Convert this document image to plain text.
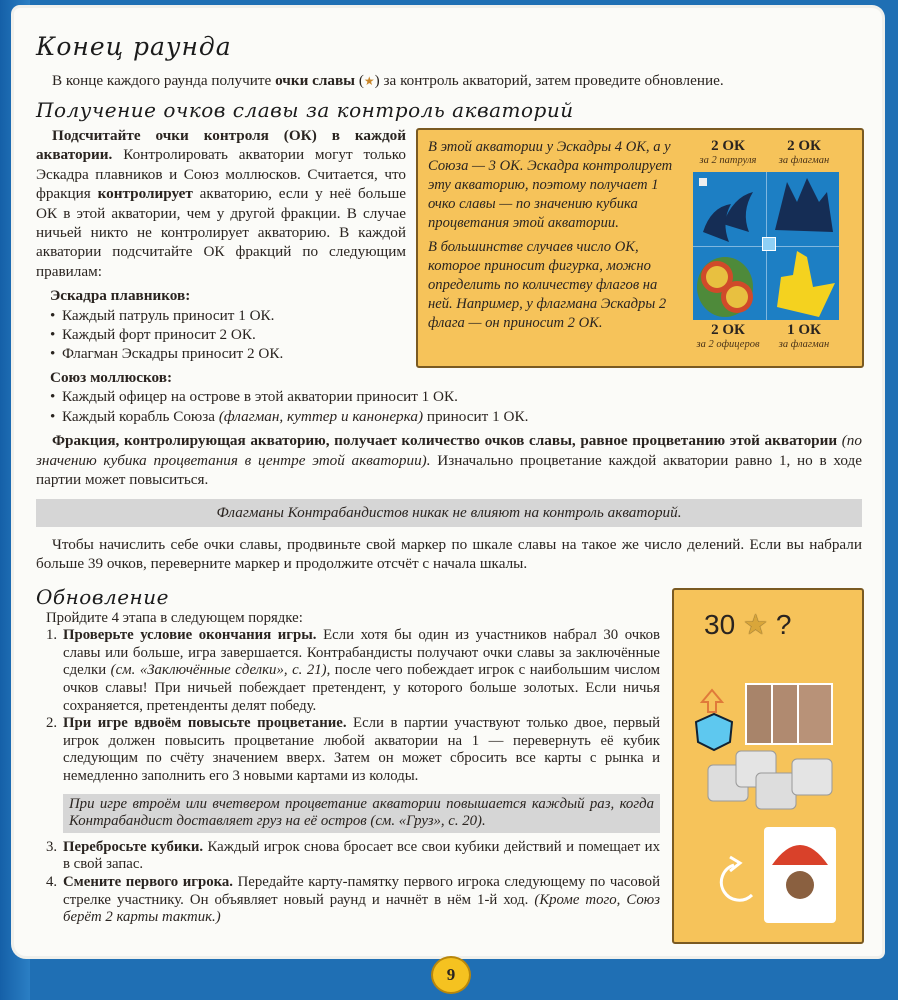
Конец раунда
В конце каждого раунда получите очки славы (★) за контроль акваторий, затем проведите обновление.
Получение очков славы за контроль акваторий

В этой акватории у Эскадры 4 ОК, а у Союза — 3 ОК. Эскадра контролирует эту акваторию, поэтому получает 1 очко славы — по значению кубика процветания этой акватории.

В большинстве случаев число ОК, которое приносит фигурка, можно определить по количеству флагов на ней. Например, у флагмана Эскадры 2 флага — он приносит 2 ОК.

2 ОК
за 2 патруля
2 ОК
за флагман
2 ОК
за 2 офицеров
1 ОК
за флагман

Подсчитайте очки контроля (ОК) в каждой акватории. Контролировать акватории могут только Эскадра плавников и Союз моллюсков. Считается, что фракция контролирует акваторию, если у неё больше ОК в этой акватории, чем у другой фракции. В случае ничьей никто не контролирует акваторию. В каждой акватории подсчитайте ОК фракций по следующим правилам:

Эскадра плавников:

• Каждый патруль приносит 1 ОК.
• Каждый форт приносит 2 ОК.
• Флагман Эскадры приносит 2 ОК.

Союз моллюсков:

• Каждый офицер на острове в этой акватории приносит 1 ОК.
• Каждый корабль Союза (флагман, куттер и канонерка) приносит 1 ОК.

Фракция, контролирующая акваторию, получает количество очков славы, равное процветанию этой акватории (по значению кубика процветания в центре этой акватории). Изначально процветание каждой акватории равно 1, но в ходе партии может повыситься.

Флагманы Контрабандистов никак не влияют на контроль акваторий.
Чтобы начислить себе очки славы, продвиньте свой маркер по шкале славы на такое же число делений. Если вы набрали больше 39 очков, переверните маркер и продолжите отсчёт с начала шкалы.
Обновление

Пройдите 4 этапа в следующем порядке:

1. Проверьте условие окончания игры. Если хотя бы один из участников набрал 30 очков славы или больше, игра завершается. Контрабандисты получают очки славы за заключённые сделки (см. «Заключённые сделки», с. 21), после чего побеждает игрок с наибольшим числом очков славы! При ничьей побеждает претендент, у которого больше золотых. Если ничья сохраняется, претенденты делят победу.
2. При игре вдвоём повысьте процветание. Если в партии участвуют только двое, первый игрок должен повысить процветание любой акватории на 1 — перевернуть её кубик следующим по счёту значением вверх. Затем он может сбросить все карты с рынка и немедленно заполнить его 3 новыми картами из колоды.
При игре втроём или вчетвером процветание акватории повышается каждый раз, когда Контрабандист доставляет груз на её остров (см. «Груз», с. 20).
3. Перебросьте кубики. Каждый игрок снова бросает все свои кубики действий и помещает их в свой запас.
4. Смените первого игрока. Передайте карту-памятку первого игрока следующему по часовой стрелке участнику. Он объявляет новый раунд и начнёт в нём 1-й ход. (Кроме того, Союз берёт 2 карты тактик.)
30 ★ ?
9
